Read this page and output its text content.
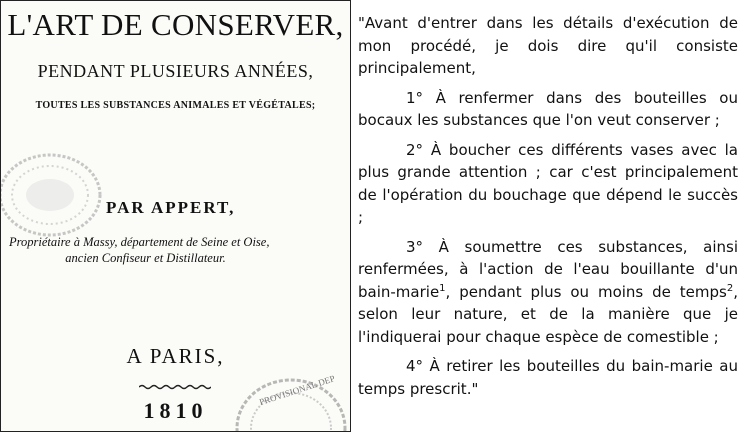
PROVISIONAL DEP
L'ART DE CONSERVER,
PENDANT PLUSIEURS ANNÉES,
TOUTES LES SUBSTANCES ANIMALES ET VÉGÉTALES;
PAR APPERT,
Propriétaire à Massy, département de Seine et Oise,
ancien Confiseur et Distillateur.
A PARIS,
1810

"Avant d'entrer dans les détails d'exécution de mon procédé, je dois dire qu'il consiste principalement,

1° À renfermer dans des bouteilles ou bocaux les substances que l'on veut conserver ;

2° À boucher ces différents vases avec la plus grande attention ; car c'est principalement de l'opération du bouchage que dépend le succès ;

3° À soumettre ces substances, ainsi renfermées, à l'action de l'eau bouillante d'un bain-marie$^1$, pendant plus ou moins de temps$^2$, selon leur nature, et de la manière que je l'indiquerai pour chaque espèce de comestible ;

4° À retirer les bouteilles du bain-marie au temps prescrit."
